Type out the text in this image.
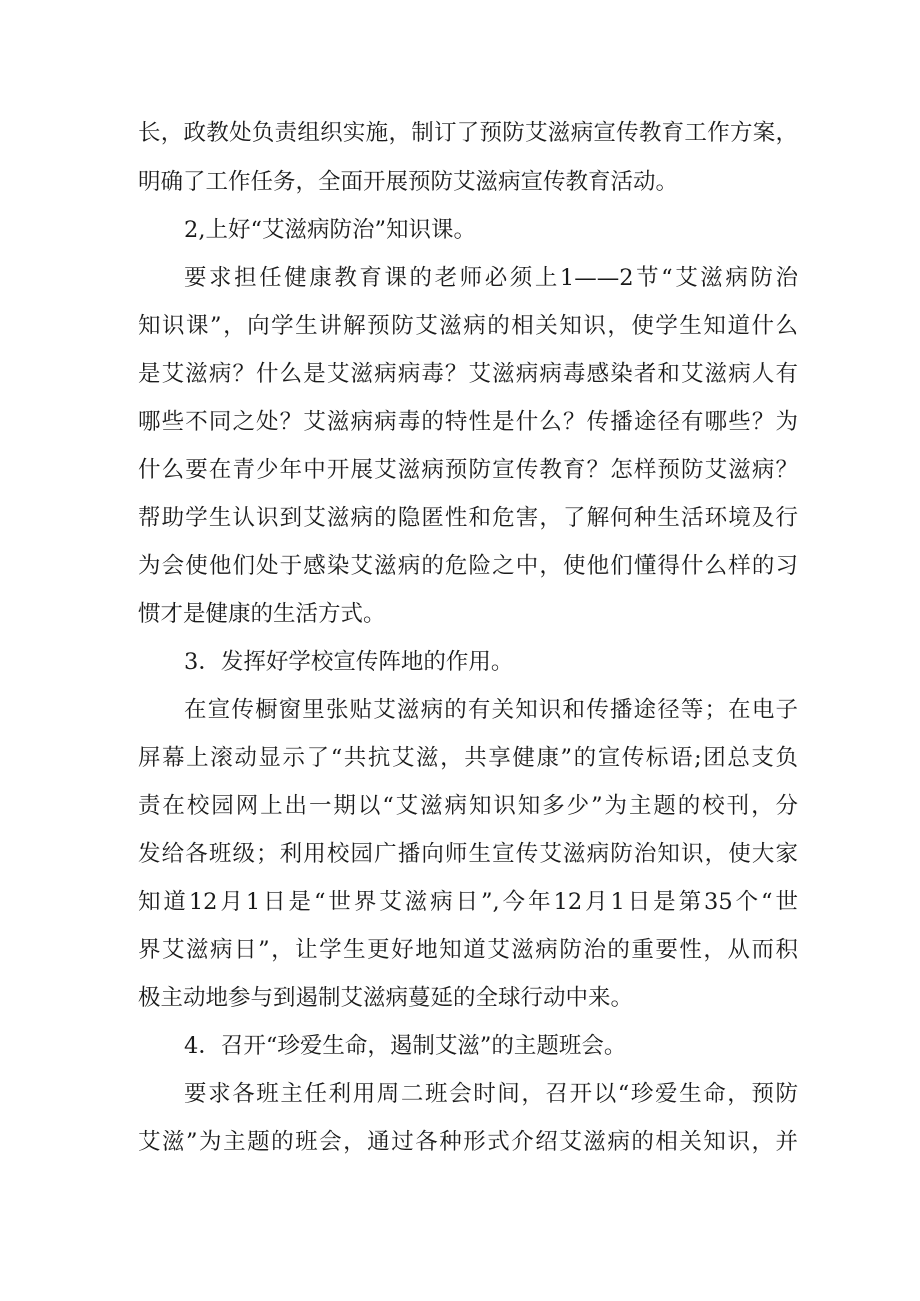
长，政教处负责组织实施，制订了预防艾滋病宣传教育工作方案，
明确了工作任务，全面开展预防艾滋病宣传教育活动。
2,上好“艾滋病防治”知识课。
要求担任健康教育课的老师必须上1——2节“艾滋病防治
知识课”，向学生讲解预防艾滋病的相关知识，使学生知道什么
是艾滋病？什么是艾滋病病毒？艾滋病病毒感染者和艾滋病人有
哪些不同之处？艾滋病病毒的特性是什么？传播途径有哪些？为
什么要在青少年中开展艾滋病预防宣传教育？怎样预防艾滋病？
帮助学生认识到艾滋病的隐匿性和危害，了解何种生活环境及行
为会使他们处于感染艾滋病的危险之中，使他们懂得什么样的习
惯才是健康的生活方式。
3．发挥好学校宣传阵地的作用。
在宣传橱窗里张贴艾滋病的有关知识和传播途径等；在电子
屏幕上滚动显示了“共抗艾滋，共享健康”的宣传标语;团总支负
责在校园网上出一期以“艾滋病知识知多少”为主题的校刊，分
发给各班级；利用校园广播向师生宣传艾滋病防治知识，使大家
知道12月1日是“世界艾滋病日”,今年12月1日是第35个“世
界艾滋病日”，让学生更好地知道艾滋病防治的重要性，从而积
极主动地参与到遏制艾滋病蔓延的全球行动中来。
4．召开“珍爱生命，遏制艾滋”的主题班会。
要求各班主任利用周二班会时间，召开以“珍爱生命，预防
艾滋”为主题的班会，通过各种形式介绍艾滋病的相关知识，并
